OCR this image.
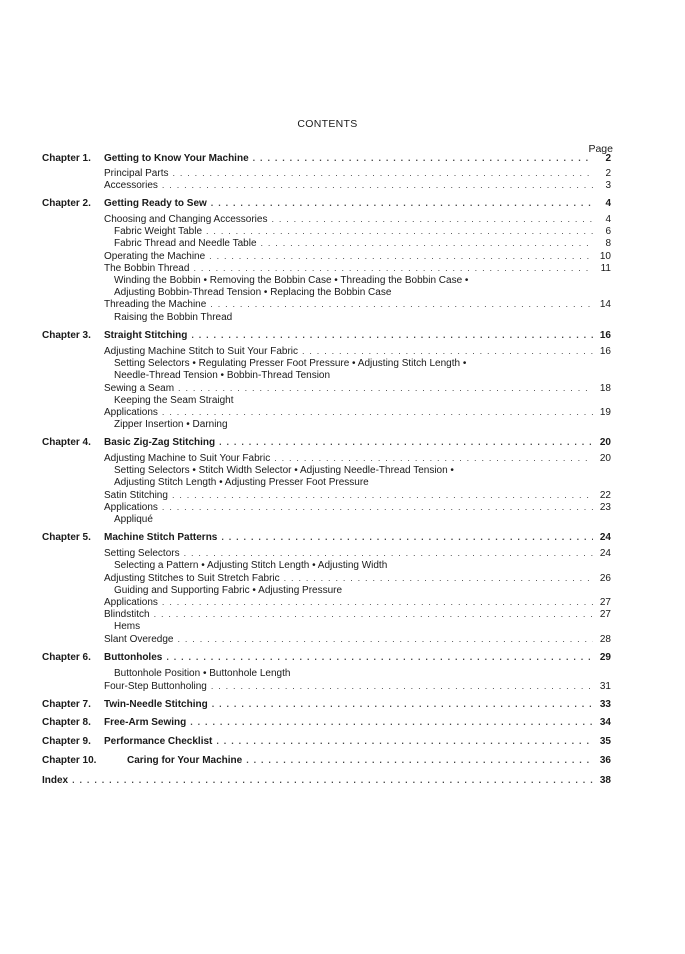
CONTENTS
Page
Chapter 1. Getting to Know Your Machine . . .	2
Principal Parts . . .	2
Accessories . . .	3
Chapter 2. Getting Ready to Sew . . .	4
Choosing and Changing Accessories . . .	4
Fabric Weight Table . . .	6
Fabric Thread and Needle Table . . .	8
Operating the Machine . . .	10
The Bobbin Thread . . .	11
Winding the Bobbin • Removing the Bobbin Case • Threading the Bobbin Case •
Adjusting Bobbin-Thread Tension • Replacing the Bobbin Case
Threading the Machine . . .	14
Raising the Bobbin Thread
Chapter 3. Straight Stitching . . .	16
Adjusting Machine Stitch to Suit Your Fabric . . .	16
Setting Selectors • Regulating Presser Foot Pressure • Adjusting Stitch Length •
Needle-Thread Tension • Bobbin-Thread Tension
Sewing a Seam . . .	18
Keeping the Seam Straight
Applications . . .	19
Zipper Insertion • Darning
Chapter 4. Basic Zig-Zag Stitching . . .	20
Adjusting Machine to Suit Your Fabric . . .	20
Setting Selectors • Stitch Width Selector • Adjusting Needle-Thread Tension •
Adjusting Stitch Length • Adjusting Presser Foot Pressure
Satin Stitching . . .	22
Applications . . .	23
Appliqué
Chapter 5. Machine Stitch Patterns . . .	24
Setting Selectors . . .	24
Selecting a Pattern • Adjusting Stitch Length • Adjusting Width
Adjusting Stitches to Suit Stretch Fabric . . .	26
Guiding and Supporting Fabric • Adjusting Pressure
Applications . . .	27
Blindstitch . . .	27
Hems
Slant Overedge . . .	28
Chapter 6. Buttonholes . . .	29
Buttonhole Position • Buttonhole Length
Four-Step Buttonholing . . .	31
Chapter 7. Twin-Needle Stitching . . .	33
Chapter 8. Free-Arm Sewing . . .	34
Chapter 9. Performance Checklist . . .	35
Chapter 10.	Caring for Your Machine . . .	36
Index . . .	38
